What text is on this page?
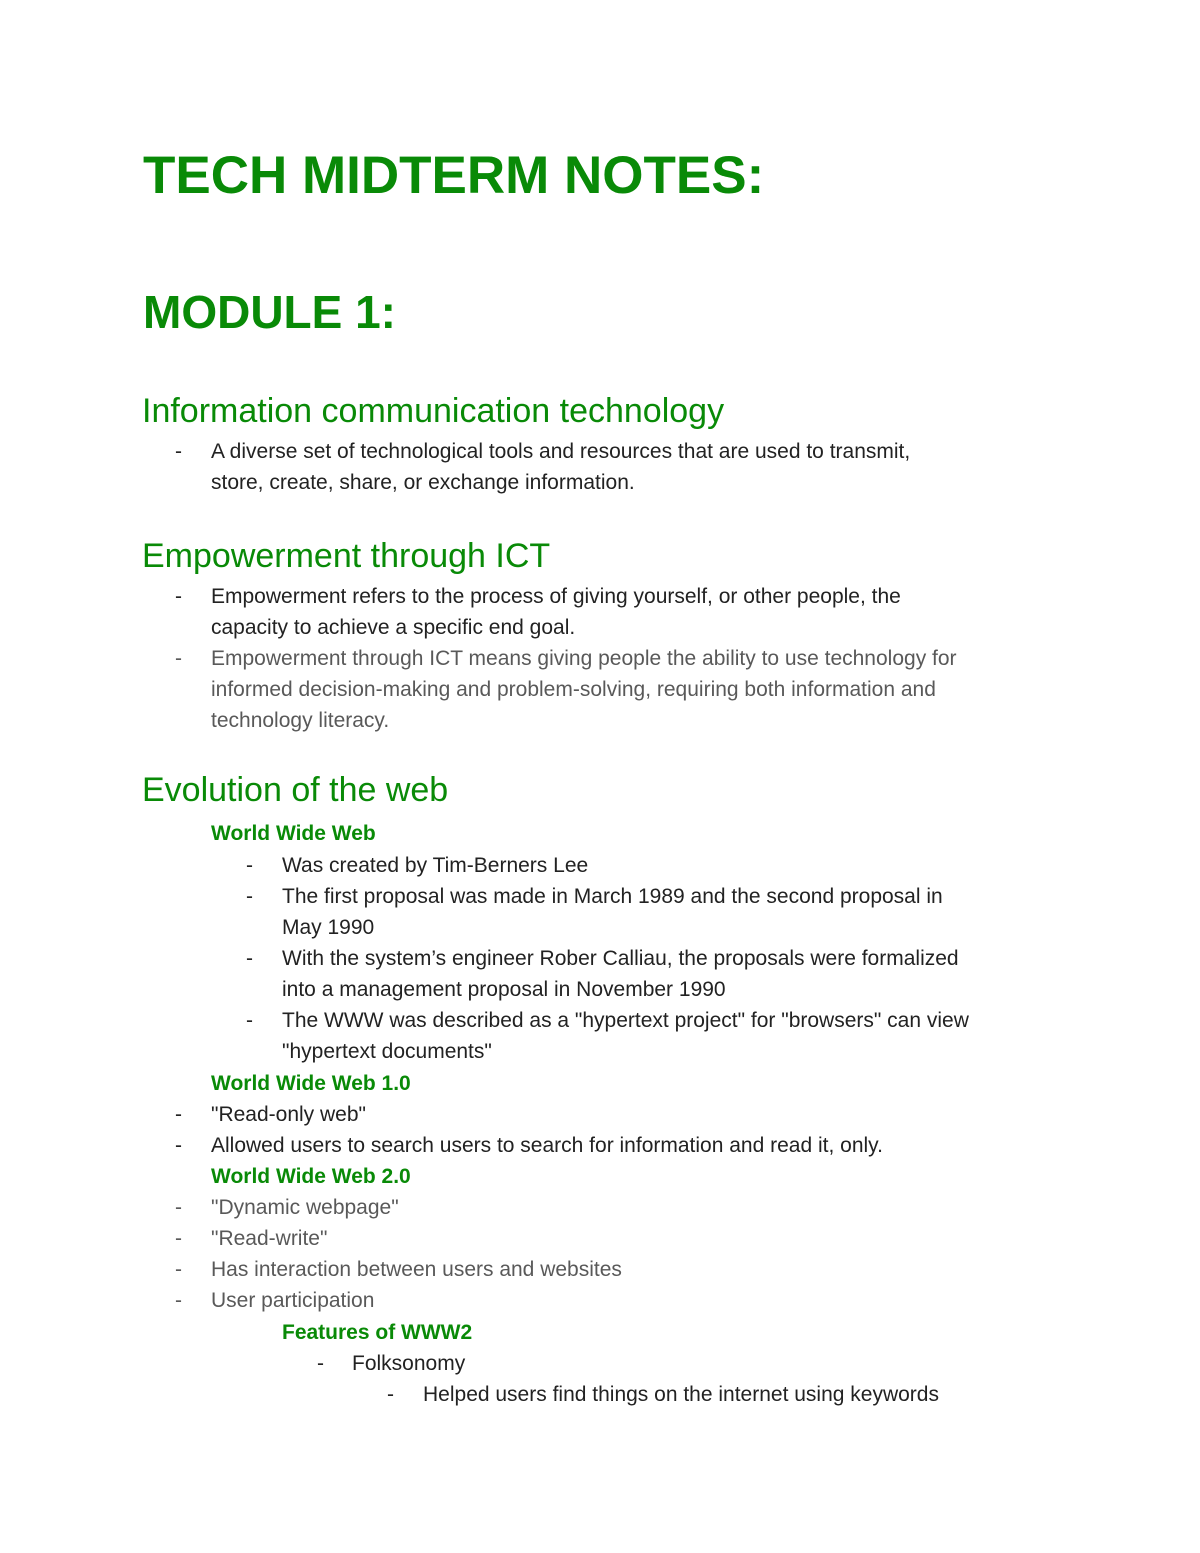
TECH MIDTERM NOTES:
MODULE 1:
Information communication technology
- A diverse set of technological tools and resources that are used to transmit,
store, create, share, or exchange information.
Empowerment through ICT
- Empowerment refers to the process of giving yourself, or other people, the
capacity to achieve a specific end goal.
- Empowerment through ICT means giving people the ability to use technology for
informed decision-making and problem-solving, requiring both information and
technology literacy.
Evolution of the web
World Wide Web
- Was created by Tim-Berners Lee
- The first proposal was made in March 1989 and the second proposal in
May 1990
- With the system’s engineer Rober Calliau, the proposals were formalized
into a management proposal in November 1990
- The WWW was described as a "hypertext project" for "browsers" can view
"hypertext documents"
World Wide Web 1.0
- "Read-only web"
- Allowed users to search users to search for information and read it, only.
World Wide Web 2.0
- "Dynamic webpage"
- "Read-write"
- Has interaction between users and websites
- User participation
Features of WWW2
- Folksonomy
- Helped users find things on the internet using keywords
